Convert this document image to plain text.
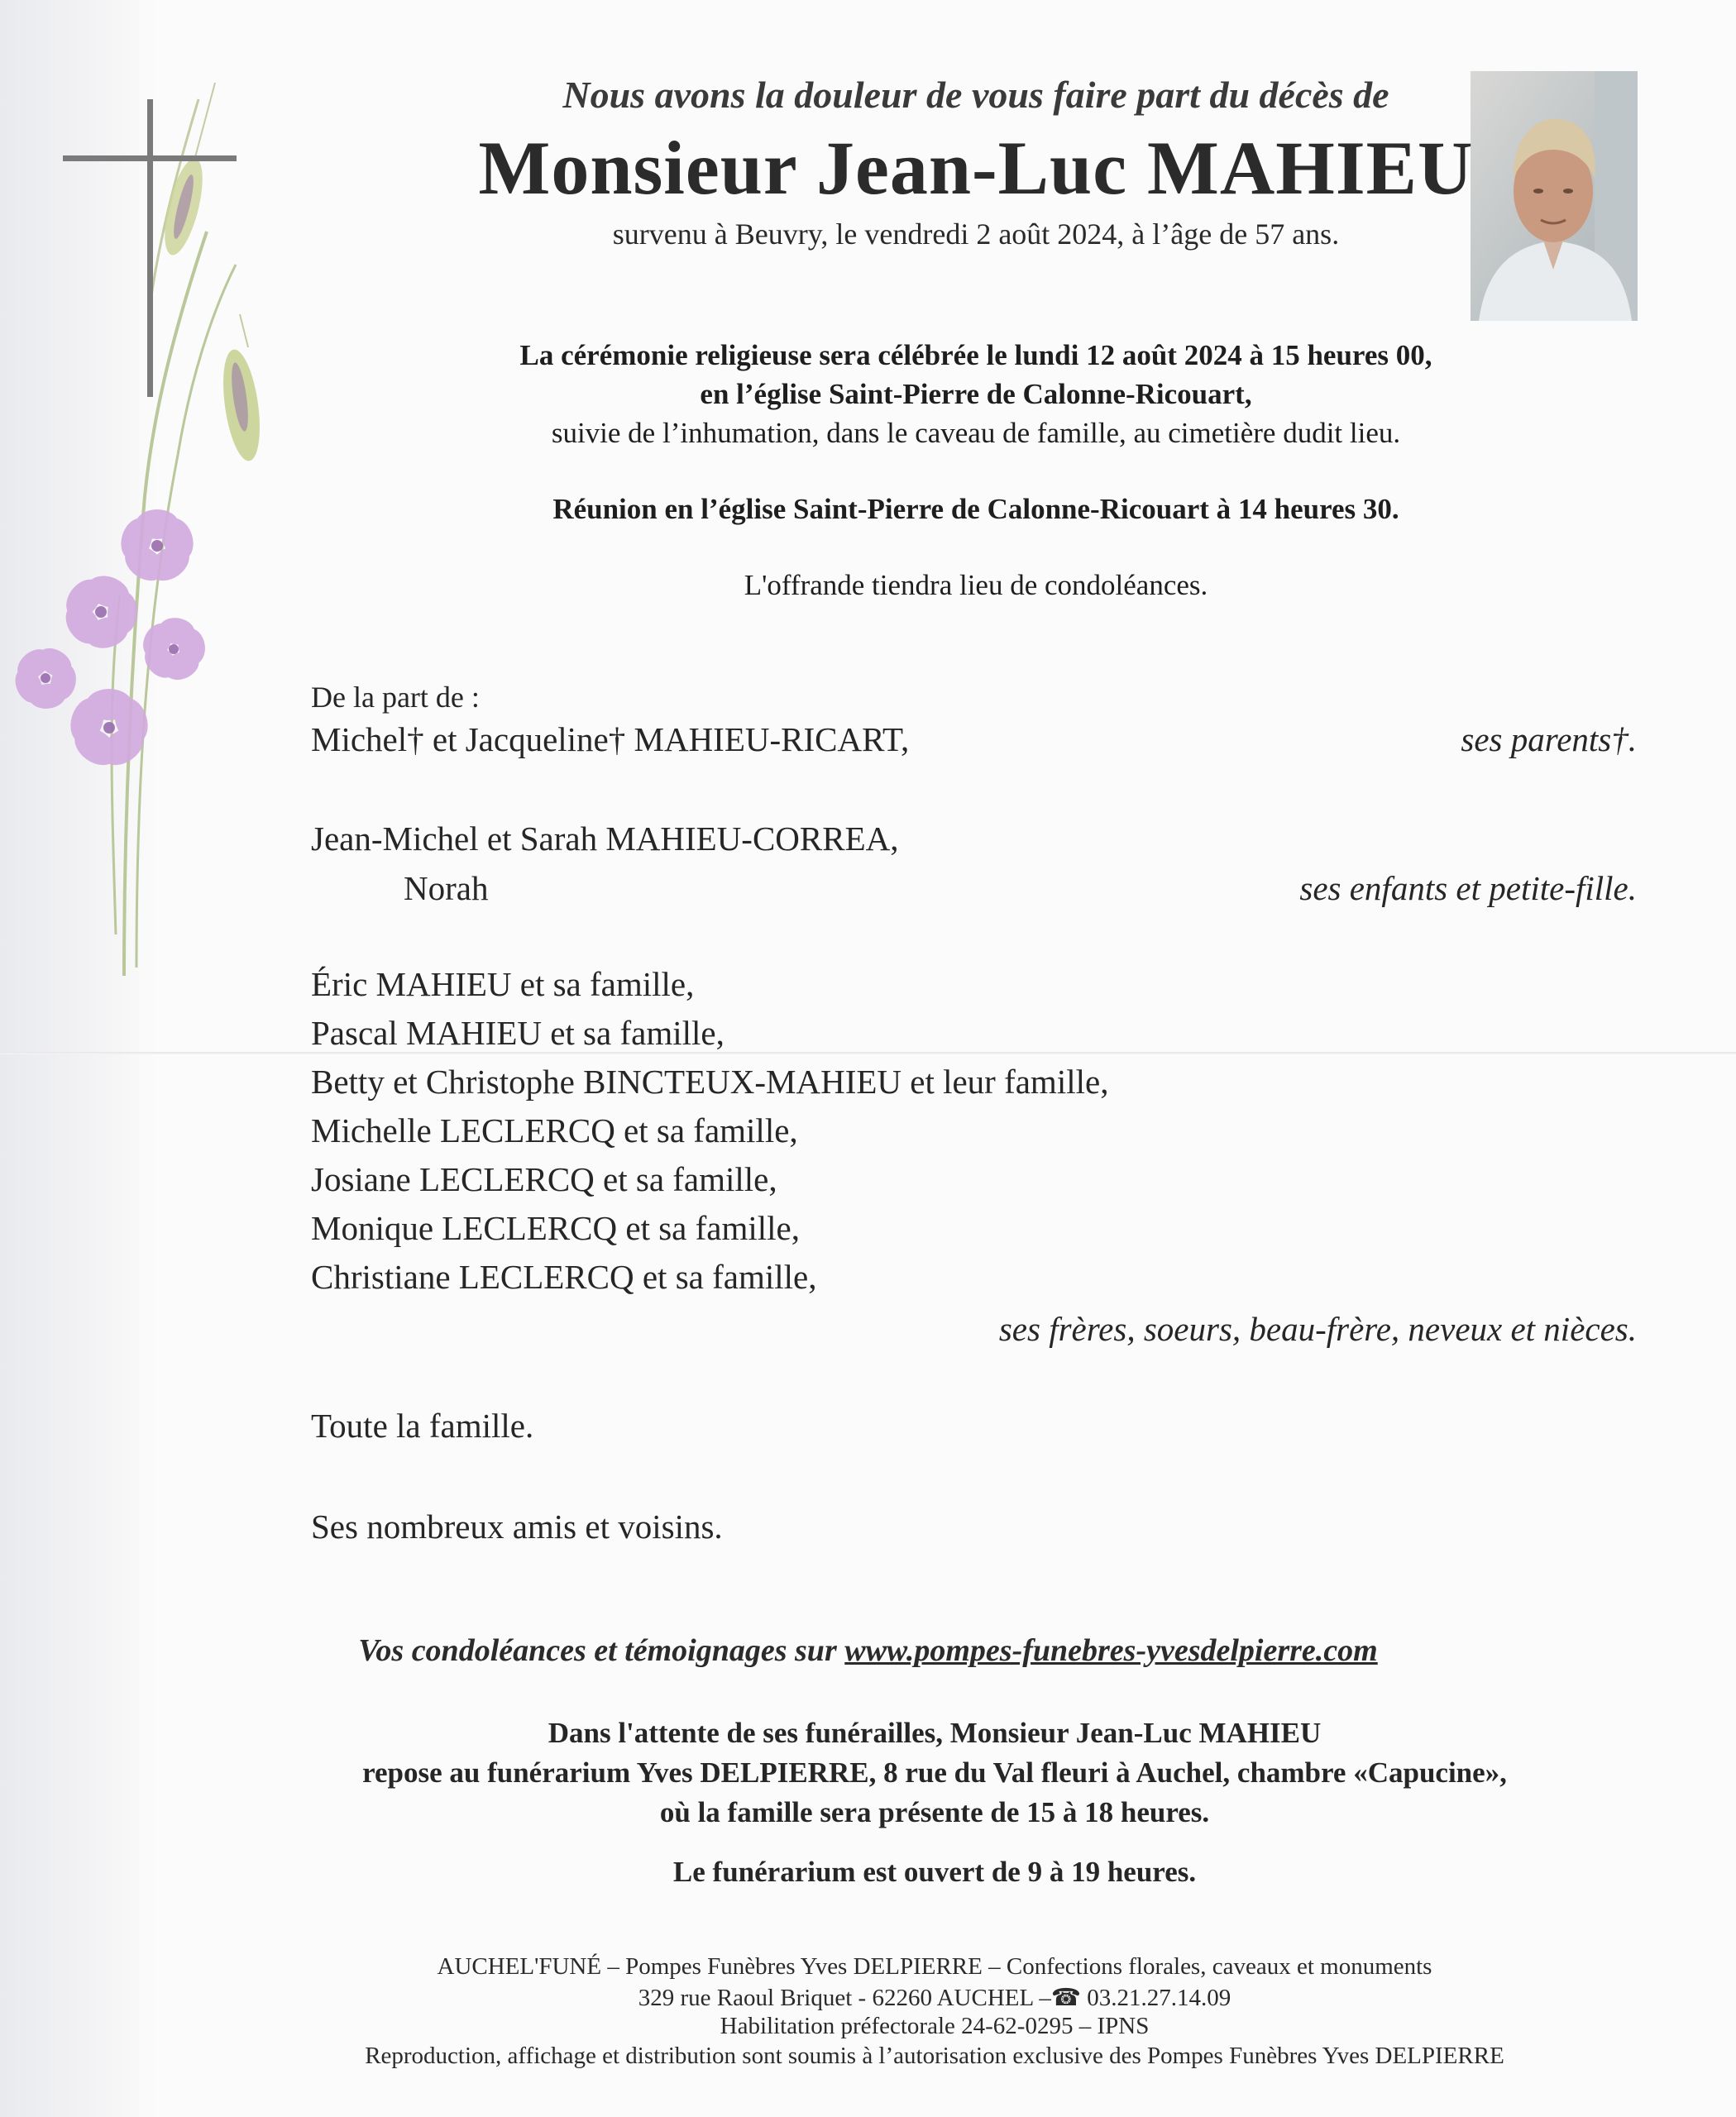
Nous avons la douleur de vous faire part du décès de
Monsieur Jean-Luc MAHIEU
survenu à Beuvry, le vendredi 2 août 2024, à l’âge de 57 ans.
La cérémonie religieuse sera célébrée le lundi 12 août 2024 à 15 heures 00,
en l’église Saint-Pierre de Calonne-Ricouart,
suivie de l’inhumation, dans le caveau de famille, au cimetière dudit lieu.
Réunion en l’église Saint-Pierre de Calonne-Ricouart à 14 heures 30.
L'offrande tiendra lieu de condoléances.
De la part de :
Michel† et Jacqueline† MAHIEU-RICART,	ses parents†.
Jean-Michel et Sarah MAHIEU-CORREA,
Norah	ses enfants et petite-fille.
Éric MAHIEU et sa famille,
Pascal MAHIEU et sa famille,
Betty et Christophe BINCTEUX-MAHIEU et leur famille,
Michelle LECLERCQ et sa famille,
Josiane LECLERCQ et sa famille,
Monique LECLERCQ et sa famille,
Christiane LECLERCQ et sa famille,
ses frères, soeurs, beau-frère, neveux et nièces.
Toute la famille.
Ses nombreux amis et voisins.
Vos condoléances et témoignages sur www.pompes-funebres-yvesdelpierre.com
Dans l'attente de ses funérailles, Monsieur Jean-Luc MAHIEU
repose au funérarium Yves DELPIERRE, 8 rue du Val fleuri à Auchel, chambre «Capucine»,
où la famille sera présente de 15 à 18 heures.
Le funérarium est ouvert de 9 à 19 heures.
AUCHEL'FUNÉ – Pompes Funèbres Yves DELPIERRE – Confections florales, caveaux et monuments
329 rue Raoul Briquet - 62260 AUCHEL –☎ 03.21.27.14.09
Habilitation préfectorale 24-62-0295 – IPNS
Reproduction, affichage et distribution sont soumis à l’autorisation exclusive des Pompes Funèbres Yves DELPIERRE
